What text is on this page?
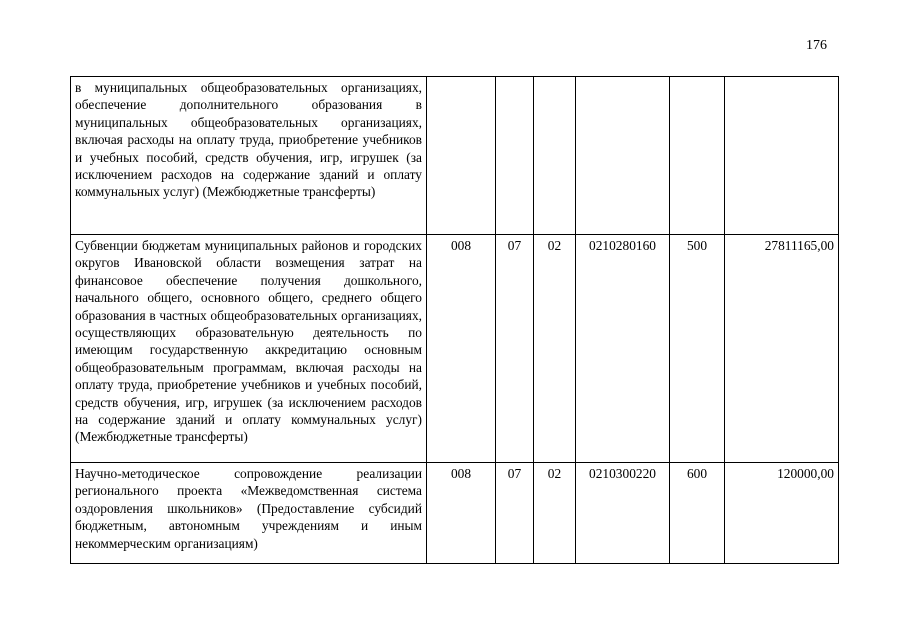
176
в муниципальных общеобразовательных организациях, обеспечение дополнительного образования в муниципальных общеобразовательных организациях, включая расходы на оплату труда, приобретение учебников и учебных пособий, средств обучения, игр, игрушек (за исключением расходов на содержание зданий и оплату коммунальных услуг) (Межбюджетные трансферты)						
Субвенции бюджетам муниципальных районов и городских округов Ивановской области возмещения затрат на финансовое обеспечение получения дошкольного, начального общего, основного общего, среднего общего образования в частных общеобразовательных организациях, осуществляющих образовательную деятельность по имеющим государственную аккредитацию основным общеобразовательным программам, включая расходы на оплату труда, приобретение учебников и учебных пособий, средств обучения, игр, игрушек (за исключением расходов на содержание зданий и оплату коммунальных услуг) (Межбюджетные трансферты)	008	07	02	0210280160	500	27811165,00
Научно-методическое сопровождение реализации регионального проекта «Межведомственная система оздоровления школьников» (Предоставление субсидий бюджетным, автономным учреждениям и иным некоммерческим организациям)	008	07	02	0210300220	600	120000,00
